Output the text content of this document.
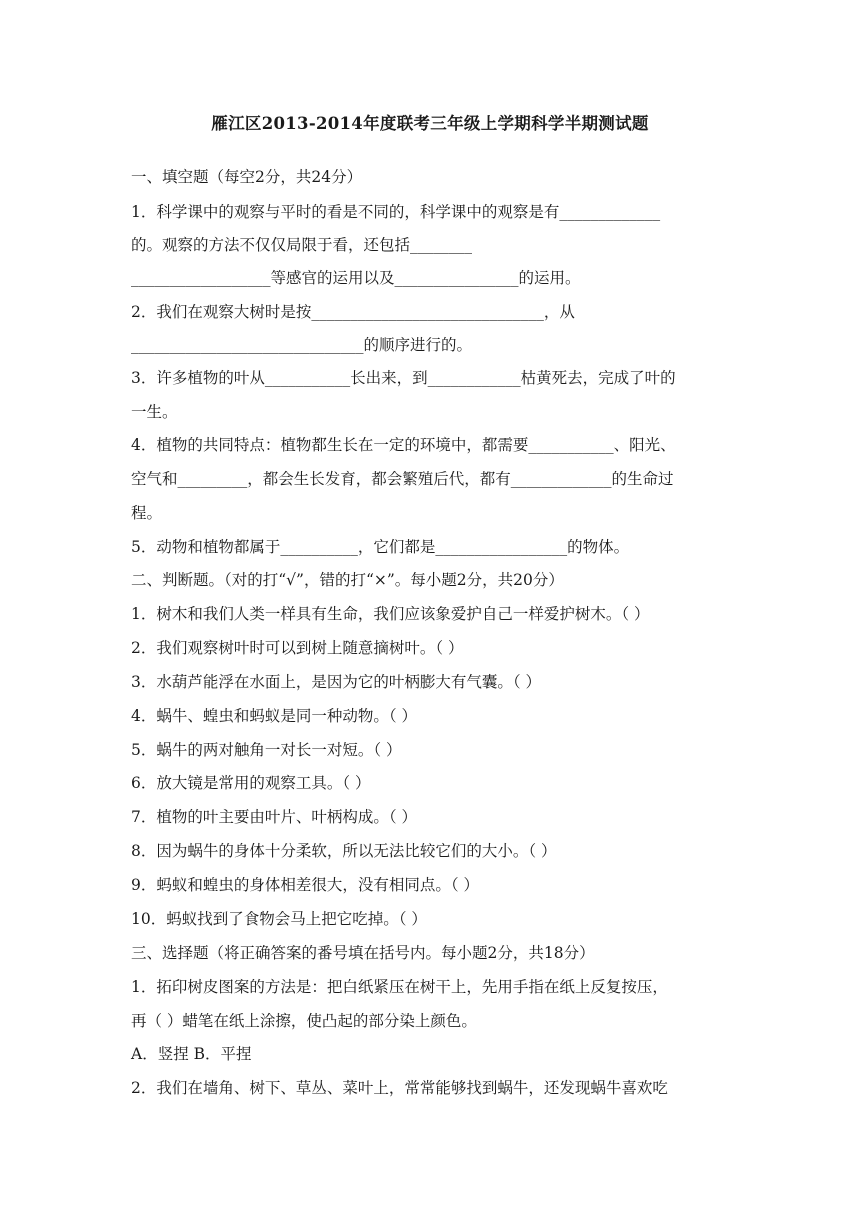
雁江区2013-2014年度联考三年级上学期科学半期测试题
一、填空题（每空2分，共24分）
1．科学课中的观察与平时的看是不同的，科学课中的观察是有_____________
的。观察的方法不仅仅局限于看，还包括________
__________________等感官的运用以及________________的运用。
2．我们在观察大树时是按______________________________，从
______________________________的顺序进行的。
3．许多植物的叶从___________长出来，到____________枯黄死去，完成了叶的
一生。
4．植物的共同特点：植物都生长在一定的环境中，都需要___________、阳光、
空气和_________，都会生长发育，都会繁殖后代，都有_____________的生命过
程。
5．动物和植物都属于__________，它们都是_________________的物体。
二、判断题。（对的打“√”，错的打“×”。每小题2分，共20分）
1．树木和我们人类一样具有生命，我们应该象爱护自己一样爱护树木。（ ）
2．我们观察树叶时可以到树上随意摘树叶。（ ）
3．水葫芦能浮在水面上，是因为它的叶柄膨大有气囊。（ ）
4．蜗牛、蝗虫和蚂蚁是同一种动物。（ ）
5．蜗牛的两对触角一对长一对短。（ ）
6．放大镜是常用的观察工具。（ ）
7．植物的叶主要由叶片、叶柄构成。（ ）
8．因为蜗牛的身体十分柔软，所以无法比较它们的大小。（ ）
9．蚂蚁和蝗虫的身体相差很大，没有相同点。（ ）
10．蚂蚁找到了食物会马上把它吃掉。（ ）
三、选择题（将正确答案的番号填在括号内。每小题2分，共18分）
1．拓印树皮图案的方法是：把白纸紧压在树干上，先用手指在纸上反复按压，
再（ ）蜡笔在纸上涂擦，使凸起的部分染上颜色。
A．竖捏 B．平捏
2．我们在墙角、树下、草丛、菜叶上，常常能够找到蜗牛，还发现蜗牛喜欢吃
